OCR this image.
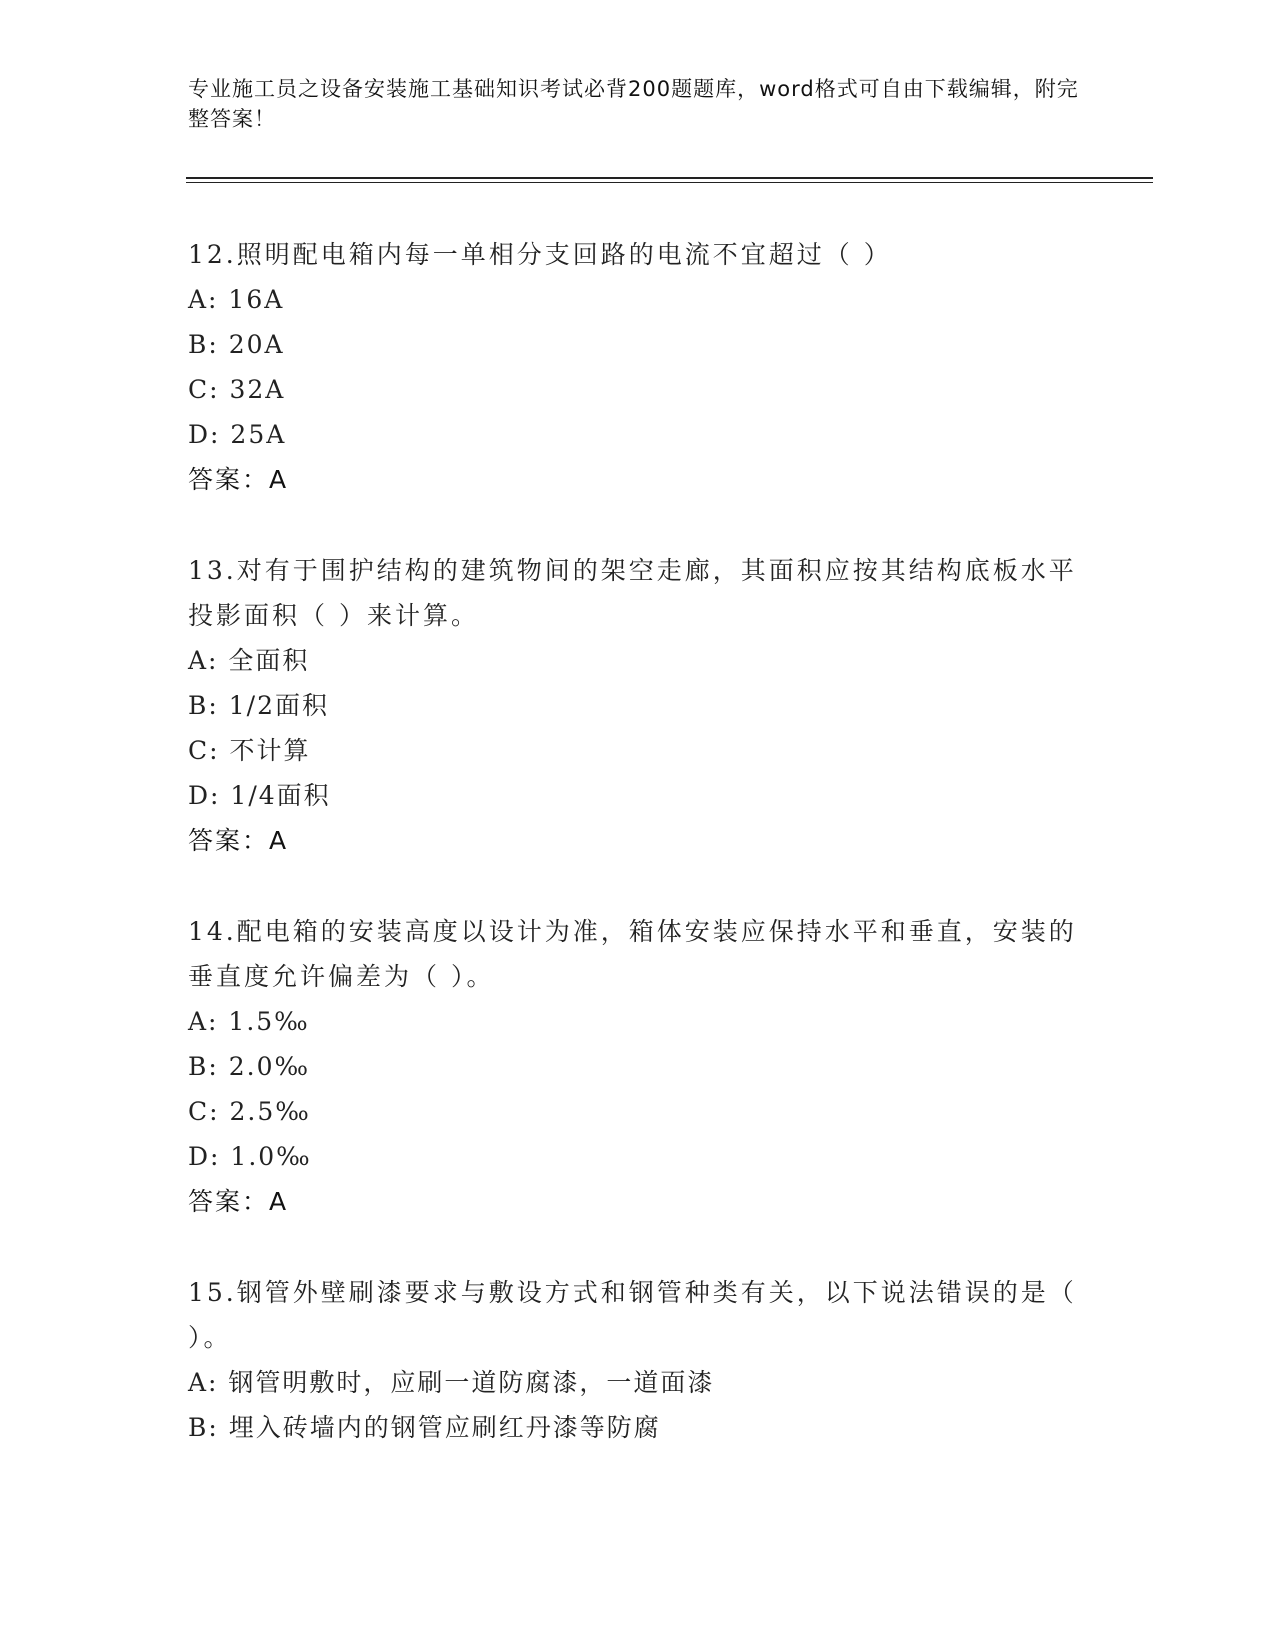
专业施工员之设备安装施工基础知识考试必背200题题库，word格式可自由下载编辑，附完整答案！

12.照明配电箱内每一单相分支回路的电流不宜超过（ ）

A: 16A

B: 20A

C: 32A

D: 25A

答案：A

13.对有于围护结构的建筑物间的架空走廊，其面积应按其结构底板水平投影面积（ ）来计算。

A: 全面积

B: 1/2面积

C: 不计算

D: 1/4面积

答案：A

14.配电箱的安装高度以设计为准，箱体安装应保持水平和垂直，安装的垂直度允许偏差为（ ）。

A: 1.5‰

B: 2.0‰

C: 2.5‰

D: 1.0‰

答案：A

15.钢管外壁刷漆要求与敷设方式和钢管种类有关，以下说法错误的是（ ）。

A: 钢管明敷时，应刷一道防腐漆，一道面漆

B: 埋入砖墙内的钢管应刷红丹漆等防腐
